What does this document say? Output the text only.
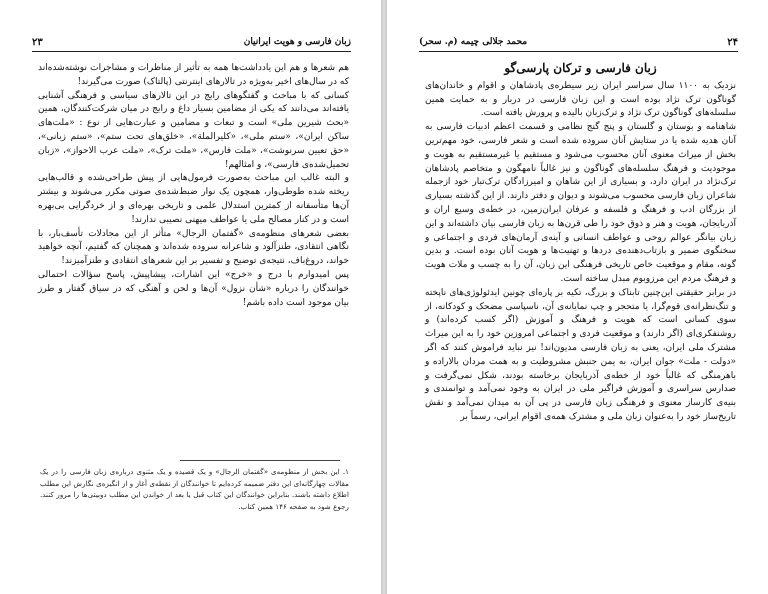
زبان فارسی و هویت ایرانیان
۲۳

هم شعرها و هم این یادداشت‌ها همه به تأثیر از مناظرات و مشاجرات نوشته‌شده‌اند که در سال‌های اخیر به‌ویژه در تالارهای اینترنتی (پالتاک) صورت می‌گیرند!

کسانی که با مباحث و گفتگوهای رایج در این تالارهای سیاسی و فرهنگی آشنایی یافته‌اند می‌دانند که یکی از مضامین بسیار داغ و رایج در میان شرکت‌کنندگان، همین «بحث شیرین ملی» است و تبعات و مضامین و عبارت‌هایی از نوع : «ملت‌های ساکن ایران»، «ستم ملی»، «کلیرالملة»، «خلق‌های تحت ستم»، «ستم زبانی»، «حق تعیین سرنوشت»، «ملت فارس»، «ملت ترک»، «ملت عرب الاحواز»، «زبان تحمیل‌شده‌ی فارسی»، و امثالهم!

و البته غالب این مباحث به‌صورت فرمول‌هایی از پیش طراحی‌شده و قالب‌هایی ریخته شده طوطی‌وار، همچون یک نوار ضبط‌شده‌ی صوتی مکرر می‌شوند و بیشتر آن‌ها متأسفانه از کمترین استدلال علمی و تاریخی بهره‌ای و از خردگرایی بی‌بهره است و در کنار مصالح ملی یا عواطف میهنی نصیبی ندارند!

بعضی شعرهای منظومه‌ی «گفتمان الرجال» متأثر از این مجادلات تأسف‌بار، با نگاهی انتقادی، طنزآلود و شاعرانه سروده شده‌اند و همچنان که گفتیم، آنچه خواهید خواند، دروغ‌باف، نتیجه‌ی توضیح و تفسیر بر این شعرهای انتقادی و طنزآمیزند!

پس امیدوارم با درج و «خرج» این اشارات، پیشاپیش، پاسخ سؤالات احتمالی خوانندگان را درباره «شأن نزول» آن‌ها و لحن و آهنگی که در سیاق گفتار و طرز بیان موجود است داده باشم!

۱. این بخش از منظومه‌ی «گفتمان الرجال» و یک قصیده و یک مثنوی درباره‌ی زبان فارسی را در یک مقالات چهارگانه‌ای این دفتر ضمیمه کرده‌ایم تا خوانندگان از نقطه‌ی آغاز و از انگیزه‌ی نگارش این مطلب اطلاع داشته باشند. بنابراین خوانندگان این کتاب قبل یا بعد از خواندن این مطلب دوبیتی‌ها را مرور کنند. رجوع شود به صفحه ۱۴۶ همین کتاب.
۲۴
محمد جلالی چیمه (م. سحر)
زبان فارسی و ترکان پارسی‌گو

نزدیک به ۱۱۰۰ سال سراسر ایران زیر سیطره‌ی پادشاهان و اقوام و خاندان‌های گوناگون ترک نژاد بوده است و این زبان فارسی در دربار و به حمایت همین سلسله‌های گوناگون ترک نژاد و ترک‌زبان بالیده و پرورش یافته است.

شاهنامه و بوستان و گلستان و پنج گنج نظامی و قسمت اعظم ادبیات فارسی به آنان هدیه شده یا در ستایش آنان سروده شده است و شعر فارسی، خود مهم‌ترین بخش از میراث معنوی آنان محسوب می‌شود و مستقیم یا غیرمستقیم به هویت و موجودیت و فرهنگ سلسله‌های گوناگون و نیز غالباً نامهگون و متخاصم پادشاهان ترک‌نژاد در ایران دارد، و بسیاری از این شاهان و امیرزادگان ترک‌تبار خود ازجمله شاعران زبان فارسی محسوب می‌شوند و دیوان و دفتر دارند. از این گذشته بسیاری از بزرگان ادب و فرهنگ و فلسفه و عرفان ایران‌زمین، در خطه‌ی وسیع اران و آذربایجان، هویت و هنر و ذوق خود را طی قرن‌ها به زبان فارسی بیان داشته‌اند و این زبان بیانگر عوالم روحی و عواطف انسانی و آینه‌ی آرمان‌های فردی و اجتماعی و سخنگوی ضمیر و بازتاب‌دهنده‌ی دردها و تهنیت‌ها و هویت آنان بوده است. و بدین گونه، مقام و موقعیت خاص تاریخی فرهنگی این زبان، آن را به چسب و ملات هویت و فرهنگ مردم این مرزوبوم مبدل ساخته است.

در برابر حقیقتی این‌چنین تابناک و بزرگ، تکیه بر پاره‌ای چونین ایدئولوژی‌های ناپخته و تنگ‌نظرانه‌ی قوم‌گرا، یا متحجر و چپ نمایانه‌ی آن، ناسپاسی مضحک و کودکانه، از سوی کسانی است که هویت و فرهنگ و آموزش (اگر کسب کرده‌اند) و روشنفکری‌ای (اگر دارند) و موقعیت فردی و اجتماعی امروزین خود را به این میراث مشترک ملی ایران، یعنی به زبان فارسی مدیون‌اند! نیز نباید فراموش کنند که اگر «دولت - ملت» جوان ایران، به یمن جنبش مشروطیت و به همت مردان بالاراده و باهرمنگی که غالباً خود از خطه‌ی آذربایجان برخاسته بودند، شکل نمی‌گرفت و صدارس سراسری و آموزش فراگیر ملی در ایران به وجود نمی‌آمد و توانمندی و بنیه‌ی کارساز معنوی و فرهنگی زبان فارسی در پی آن به میدان نمی‌آمد و نقش تاریخ‌ساز خود را به‌عنوان زبان ملی و مشترک همه‌ی اقوام ایرانی، رسماً بر
